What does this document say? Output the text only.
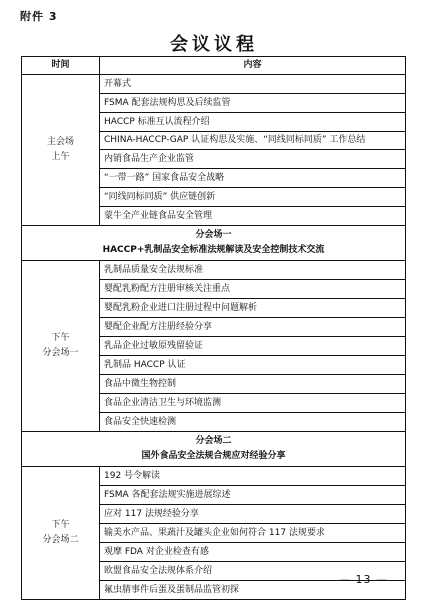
附件 3
会议议程
时间	内容

主会场
上午	开幕式
	FSMA 配套法规构思及后续监管
	HACCP 标准互认流程介绍
	CHINA-HACCP-GAP 认证构思及实施、“同线同标同质” 工作总结
	内销食品生产企业监管
	“一带一路” 国家食品安全战略
	“同线同标同质” 供应链创新
	蒙牛全产业链食品安全管理

分会场一
HACCP+乳制品安全标准法规解读及安全控制技术交流	

下午
分会场一	乳制品质量安全法规标准
	婴配乳粉配方注册审核关注重点
	婴配乳粉企业进口注册过程中问题解析
	婴配企业配方注册经验分享
	乳品企业过敏原残留验证
	乳制品 HACCP 认证
	食品中微生物控制
	食品企业清洁卫生与环境监测
	食品安全快速检测

分会场二
国外食品安全法规合规应对经验分享	

下午
分会场二	192 号令解读
	FSMA 各配套法规实施进展综述
	应对 117 法规经验分享
	输美水产品、果蔬汁及罐头企业如何符合 117 法规要求
	观摩 FDA 对企业检查有感
	欧盟食品安全法规体系介绍
	氟虫腈事件后蛋及蛋制品监管初探
— 13 —
